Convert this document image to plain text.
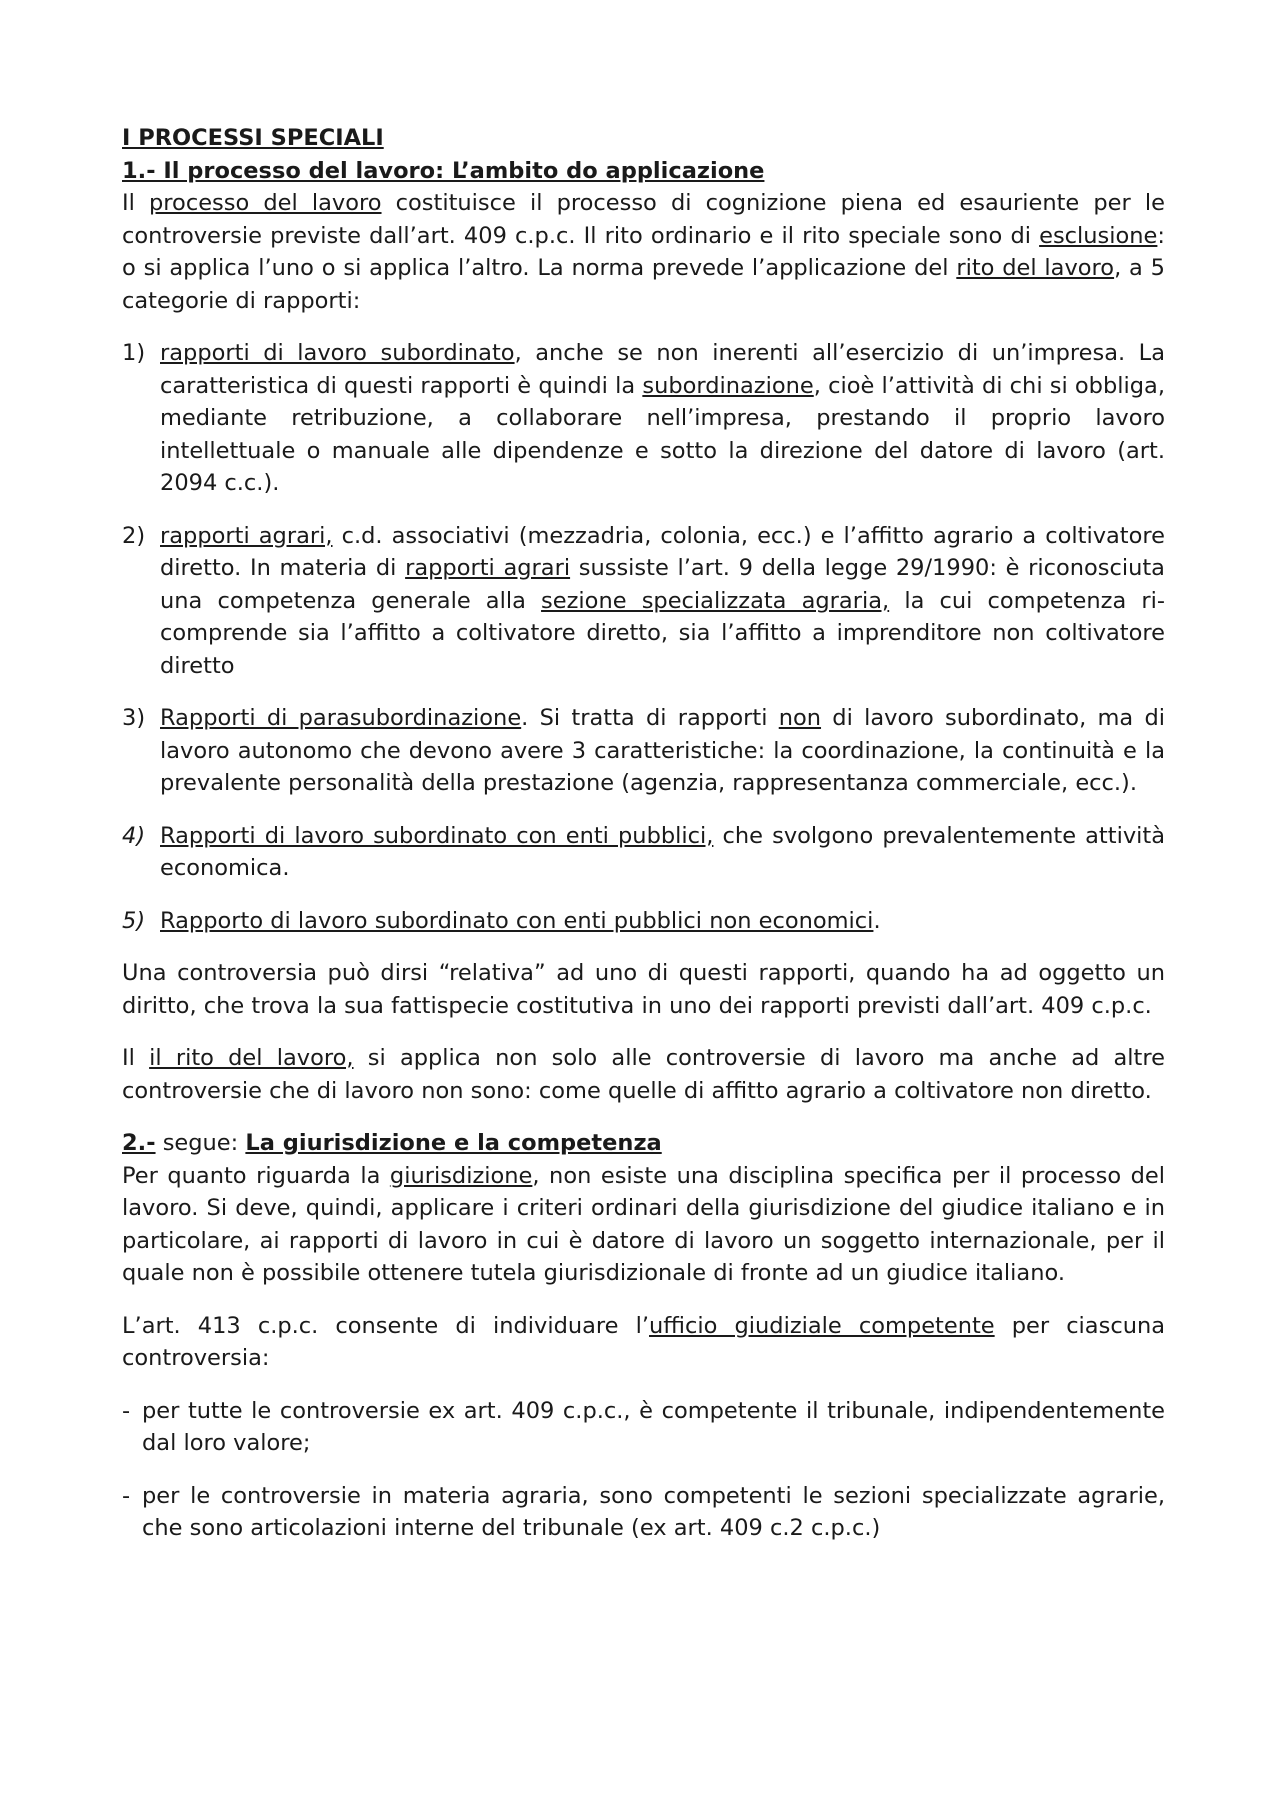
I PROCESSI SPECIALI
1.- Il processo del lavoro: L’ambito do applicazione

Il processo del lavoro costituisce il processo di cognizione piena ed esauriente per le controversie previste dall’art. 409 c.p.c. Il rito ordinario e il rito speciale sono di esclusione: o si applica l’uno o si applica l’altro. La norma prevede l’applicazione del rito del lavoro, a 5 categorie di rapporti:

1) rapporti di lavoro subordinato, anche se non inerenti all’esercizio di un’impresa. La caratteristica di questi rapporti è quindi la subordinazione, cioè l’attività di chi si obbliga, mediante retribuzione, a collaborare nell’impresa, prestando il proprio lavoro intellettuale o manuale alle dipendenze e sotto la direzione del datore di lavoro (art. 2094 c.c.).
2) rapporti agrari, c.d. associativi (mezzadria, colonia, ecc.) e l’affitto agrario a coltivatore diretto. In materia di rapporti agrari sussiste l’art. 9 della legge 29/1990: è riconosciuta una competenza generale alla sezione specializzata agraria, la cui competenza ri-comprende sia l’affitto a coltivatore diretto, sia l’affitto a imprenditore non coltivatore diretto
3) Rapporti di parasubordinazione. Si tratta di rapporti non di lavoro subordinato, ma di lavoro autonomo che devono avere 3 caratteristiche: la coordinazione, la continuità e la prevalente personalità della prestazione (agenzia, rappresentanza commerciale, ecc.).
4) Rapporti di lavoro subordinato con enti pubblici, che svolgono prevalentemente attività economica.
5) Rapporto di lavoro subordinato con enti pubblici non economici.

Una controversia può dirsi “relativa” ad uno di questi rapporti, quando ha ad oggetto un diritto, che trova la sua fattispecie costitutiva in uno dei rapporti previsti dall’art. 409 c.p.c.

Il il rito del lavoro, si applica non solo alle controversie di lavoro ma anche ad altre controversie che di lavoro non sono: come quelle di affitto agrario a coltivatore non diretto.

2.- segue: La giurisdizione e la competenza

Per quanto riguarda la giurisdizione, non esiste una disciplina specifica per il processo del lavoro. Si deve, quindi, applicare i criteri ordinari della giurisdizione del giudice italiano e in particolare, ai rapporti di lavoro in cui è datore di lavoro un soggetto internazionale, per il quale non è possibile ottenere tutela giurisdizionale di fronte ad un giudice italiano.

L’art. 413 c.p.c. consente di individuare l’ufficio giudiziale competente per ciascuna controversia:

- per tutte le controversie ex art. 409 c.p.c., è competente il tribunale, indipendentemente dal loro valore;
- per le controversie in materia agraria, sono competenti le sezioni specializzate agrarie, che sono articolazioni interne del tribunale (ex art. 409 c.2 c.p.c.)
